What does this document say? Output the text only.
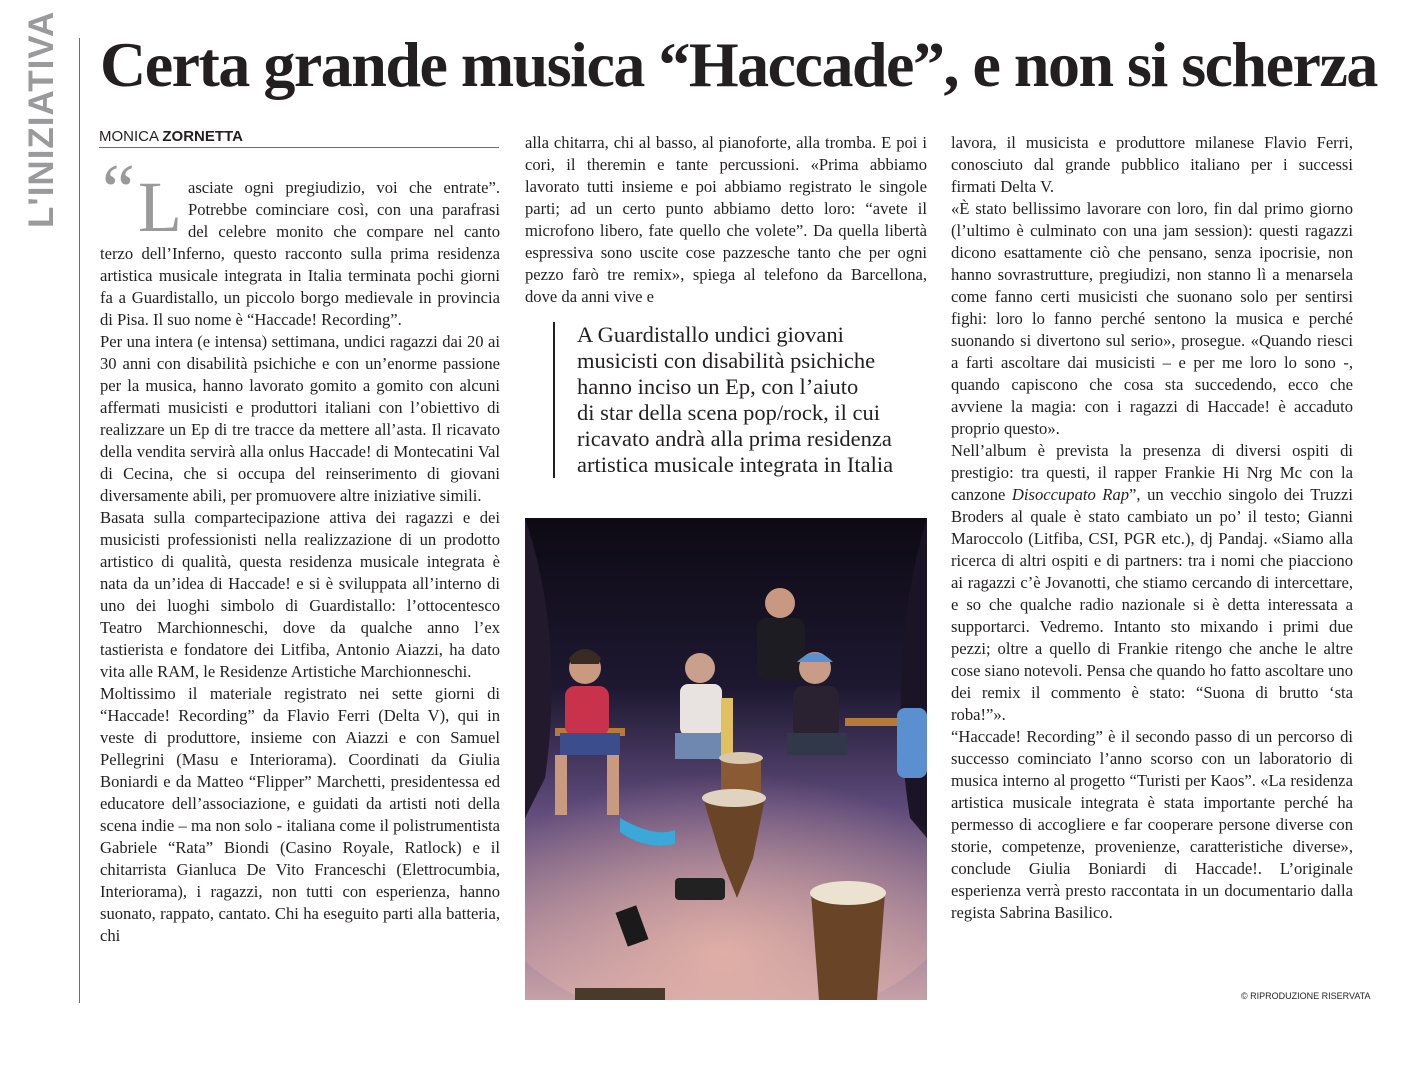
L'INIZIATIVA Certa grande musica “Haccade”, e non si scherza
MONICA ZORNETTA

“ L asciate ogni pregiudizio, voi che entrate”. Potrebbe cominciare così, con una parafrasi del celebre monito che compare nel canto terzo dell’Inferno, questo racconto sulla prima residenza artistica musicale integrata in Italia terminata pochi giorni fa a Guardistallo, un piccolo borgo medievale in provincia di Pisa. Il suo nome è “Haccade! Recording”.

Per una intera (e intensa) settimana, undici ragazzi dai 20 ai 30 anni con disabilità psichiche e con un’enorme passione per la musica, hanno lavorato gomito a gomito con alcuni affermati musicisti e produttori italiani con l’obiettivo di realizzare un Ep di tre tracce da mettere all’asta. Il ricavato della vendita servirà alla onlus Haccade! di Montecatini Val di Cecina, che si occupa del reinserimento di giovani diversamente abili, per promuovere altre iniziative simili.

Basata sulla compartecipazione attiva dei ragazzi e dei musicisti professionisti nella realizzazione di un prodotto artistico di qualità, questa residenza musicale integrata è nata da un’idea di Haccade! e si è sviluppata all’interno di uno dei luoghi simbolo di Guardistallo: l’ottocentesco Teatro Marchionneschi, dove da qualche anno l’ex tastierista e fondatore dei Litfiba, Antonio Aiazzi, ha dato vita alle RAM, le Residenze Artistiche Marchionneschi.

Moltissimo il materiale registrato nei sette giorni di “Haccade! Recording” da Flavio Ferri (Delta V), qui in veste di produttore, insieme con Aiazzi e con Samuel Pellegrini (Masu e Interiorama). Coordinati da Giulia Boniardi e da Matteo “Flipper” Marchetti, presidentessa ed educatore dell’associazione, e guidati da artisti noti della scena indie – ma non solo - italiana come il polistrumentista Gabriele “Rata” Biondi (Casino Royale, Ratlock) e il chitarrista Gianluca De Vito Franceschi (Elettrocumbia, Interiorama), i ragazzi, non tutti con esperienza, hanno suonato, rappato, cantato. Chi ha eseguito parti alla batteria, chi

alla chitarra, chi al basso, al pianoforte, alla tromba. E poi i cori, il theremin e tante percussioni. «Prima abbiamo lavorato tutti insieme e poi abbiamo registrato le singole parti; ad un certo punto abbiamo detto loro: “avete il microfono libero, fate quello che volete”. Da quella libertà espressiva sono uscite cose pazzesche tanto che per ogni pezzo farò tre remix», spiega al telefono da Barcellona, dove da anni vive e

A Guardistallo undici giovani
musicisti con disabilità psichiche
hanno inciso un Ep, con l’aiuto
di star della scena pop/rock, il cui
ricavato andrà alla prima residenza
artistica musicale integrata in Italia

lavora, il musicista e produttore milanese Flavio Ferri, conosciuto dal grande pubblico italiano per i successi firmati Delta V.

«È stato bellissimo lavorare con loro, fin dal primo giorno (l’ultimo è culminato con una jam session): questi ragazzi dicono esattamente ciò che pensano, senza ipocrisie, non hanno sovrastrutture, pregiudizi, non stanno lì a menarsela come fanno certi musicisti che suonano solo per sentirsi fighi: loro lo fanno perché sentono la musica e perché suonando si divertono sul serio», prosegue. «Quando riesci a farti ascoltare dai musicisti – e per me loro lo sono -, quando capiscono che cosa sta succedendo, ecco che avviene la magia: con i ragazzi di Haccade! è accaduto proprio questo».

Nell’album è prevista la presenza di diversi ospiti di prestigio: tra questi, il rapper Frankie Hi Nrg Mc con la canzone Disoccupato Rap”, un vecchio singolo dei Truzzi Broders al quale è stato cambiato un po’ il testo; Gianni Maroccolo (Litfiba, CSI, PGR etc.), dj Pandaj. «Siamo alla ricerca di altri ospiti e di partners: tra i nomi che piacciono ai ragazzi c’è Jovanotti, che stiamo cercando di intercettare, e so che qualche radio nazionale si è detta interessata a supportarci. Vedremo. Intanto sto mixando i primi due pezzi; oltre a quello di Frankie ritengo che anche le altre cose siano notevoli. Pensa che quando ho fatto ascoltare uno dei remix il commento è stato: “Suona di brutto ‘sta roba!”».

“Haccade! Recording” è il secondo passo di un percorso di successo cominciato l’anno scorso con un laboratorio di musica interno al progetto “Turisti per Kaos”. «La residenza artistica musicale integrata è stata importante perché ha permesso di accogliere e far cooperare persone diverse con storie, competenze, provenienze, caratteristiche diverse», conclude Giulia Boniardi di Haccade!. L’originale esperienza verrà presto raccontata in un documentario dalla regista Sabrina Basilico.

© RIPRODUZIONE RISERVATA
